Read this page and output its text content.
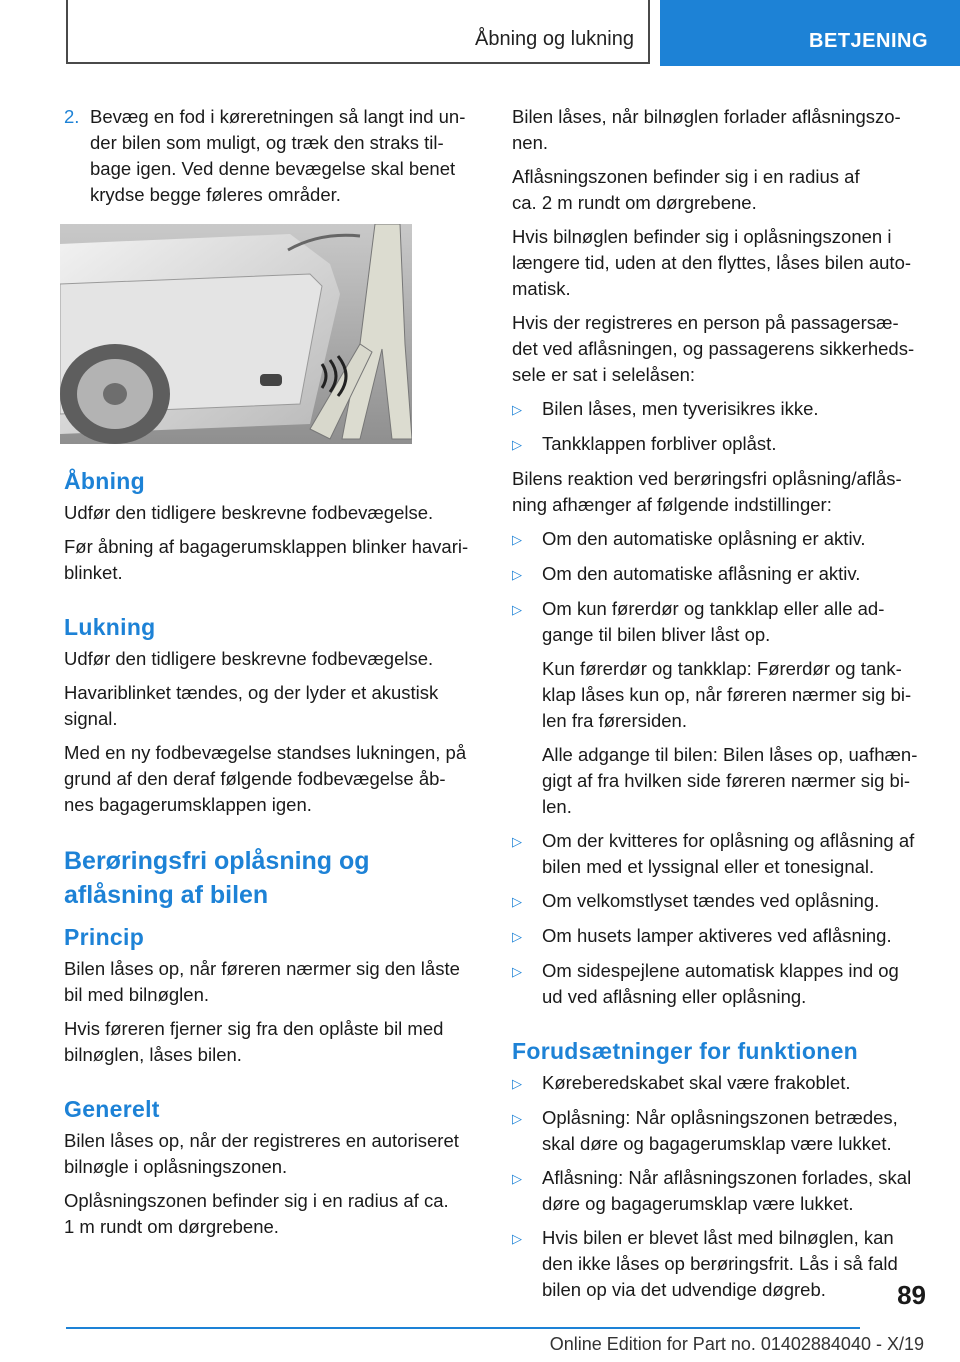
Åbning og lukning	BETJENING
2. Bevæg en fod i køreretningen så langt ind un-
der bilen som muligt, og træk den straks til-
bage igen. Ved denne bevægelse skal benet
krydse begge føleres områder.
Åbning

Udfør den tidligere beskrevne fodbevægelse.

Før åbning af bagagerumsklappen blinker havari-
blinket.

Lukning

Udfør den tidligere beskrevne fodbevægelse.

Havariblinket tændes, og der lyder et akustisk
signal.

Med en ny fodbevægelse standses lukningen, på
grund af den deraf følgende fodbevægelse åb-
nes bagagerumsklappen igen.

Berøringsfri oplåsning og
aflåsning af bilen
Princip

Bilen låses op, når føreren nærmer sig den låste
bil med bilnøglen.

Hvis føreren fjerner sig fra den oplåste bil med
bilnøglen, låses bilen.

Generelt

Bilen låses op, når der registreres en autoriseret
bilnøgle i oplåsningszonen.

Oplåsningszonen befinder sig i en radius af ca.
1 m rundt om dørgrebene.

Bilen låses, når bilnøglen forlader aflåsningszo-
nen.

Aflåsningszonen befinder sig i en radius af
ca. 2 m rundt om dørgrebene.

Hvis bilnøglen befinder sig i oplåsningszonen i
længere tid, uden at den flyttes, låses bilen auto-
matisk.

Hvis der registreres en person på passagersæ-
det ved aflåsningen, og passagerens sikkerheds-
sele er sat i selelåsen:

▷	Bilen låses, men tyverisikres ikke.
▷	Tankklappen forbliver oplåst.

Bilens reaktion ved berøringsfri oplåsning/aflås-
ning afhænger af følgende indstillinger:

▷	Om den automatiske oplåsning er aktiv.
▷	Om den automatiske aflåsning er aktiv.
▷	Om kun førerdør og tankklap eller alle ad-
gange til bilen bliver låst op.

Kun førerdør og tankklap: Førerdør og tank-
klap låses kun op, når føreren nærmer sig bi-
len fra førersiden.

Alle adgange til bilen: Bilen låses op, uafhæn-
gigt af fra hvilken side føreren nærmer sig bi-
len.

▷	Om der kvitteres for oplåsning og aflåsning af
bilen med et lyssignal eller et tonesignal.
▷	Om velkomstlyset tændes ved oplåsning.
▷	Om husets lamper aktiveres ved aflåsning.
▷	Om sidespejlene automatisk klappes ind og
ud ved aflåsning eller oplåsning.
Forudsætninger for funktionen
▷	Køreberedskabet skal være frakoblet.
▷	Oplåsning: Når oplåsningszonen betrædes,
skal døre og bagagerumsklap være lukket.
▷	Aflåsning: Når aflåsningszonen forlades, skal
døre og bagagerumsklap være lukket.
▷	Hvis bilen er blevet låst med bilnøglen, kan
den ikke låses op berøringsfrit. Lås i så fald
bilen op via det udvendige døgreb.	89
Online Edition for Part no. 01402884040 - X/19
